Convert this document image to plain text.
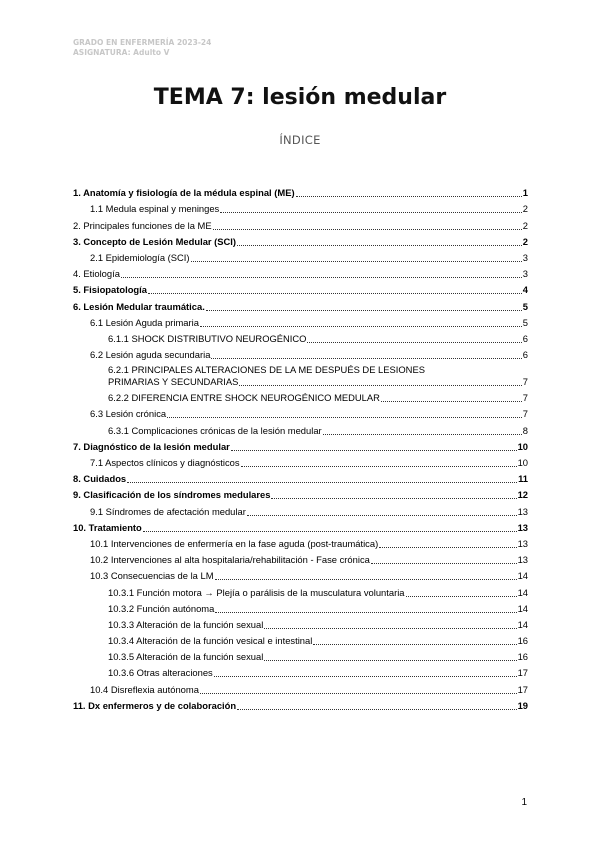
GRADO EN ENFERMERÍA 2023-24
ASIGNATURA: Adulto V
TEMA 7: lesión medular
ÍNDICE
1. Anatomía y fisiología de la médula espinal (ME)	1
1.1 Medula espinal y meninges	2
2. Principales funciones de la ME	2
3. Concepto de Lesión Medular (SCI)	2
2.1 Epidemiología (SCI)	3
4. Etiología	3
5. Fisiopatología	4
6. Lesión Medular traumática.	5
6.1 Lesión Aguda primaria	5
6.1.1 SHOCK DISTRIBUTIVO NEUROGÉNICO	6
6.2 Lesión aguda secundaria	6
6.2.1 PRINCIPALES ALTERACIONES DE LA ME DESPUÉS DE LESIONES
PRIMARIAS Y SECUNDARIAS	7
6.2.2 DIFERENCIA ENTRE SHOCK NEUROGÉNICO MEDULAR	7
6.3 Lesión crónica	7
6.3.1 Complicaciones crónicas de la lesión medular	8
7. Diagnóstico de la lesión medular	10
7.1 Aspectos clínicos y diagnósticos	10
8. Cuidados	11
9. Clasificación de los síndromes medulares	12
9.1 Síndromes de afectación medular	13
10. Tratamiento	13
10.1 Intervenciones de enfermería en la fase aguda (post-traumática)	13
10.2 Intervenciones al alta hospitalaria/rehabilitación - Fase crónica	13
10.3 Consecuencias de la LM	14
10.3.1 Función motora → Plejía o parálisis de la musculatura voluntaria	14
10.3.2 Función autónoma	14
10.3.3 Alteración de la función sexual	14
10.3.4 Alteración de la función vesical e intestinal	16
10.3.5 Alteración de la función sexual	16
10.3.6 Otras alteraciones	17
10.4 Disreflexia autónoma	17
11. Dx enfermeros y de colaboración	19
1
